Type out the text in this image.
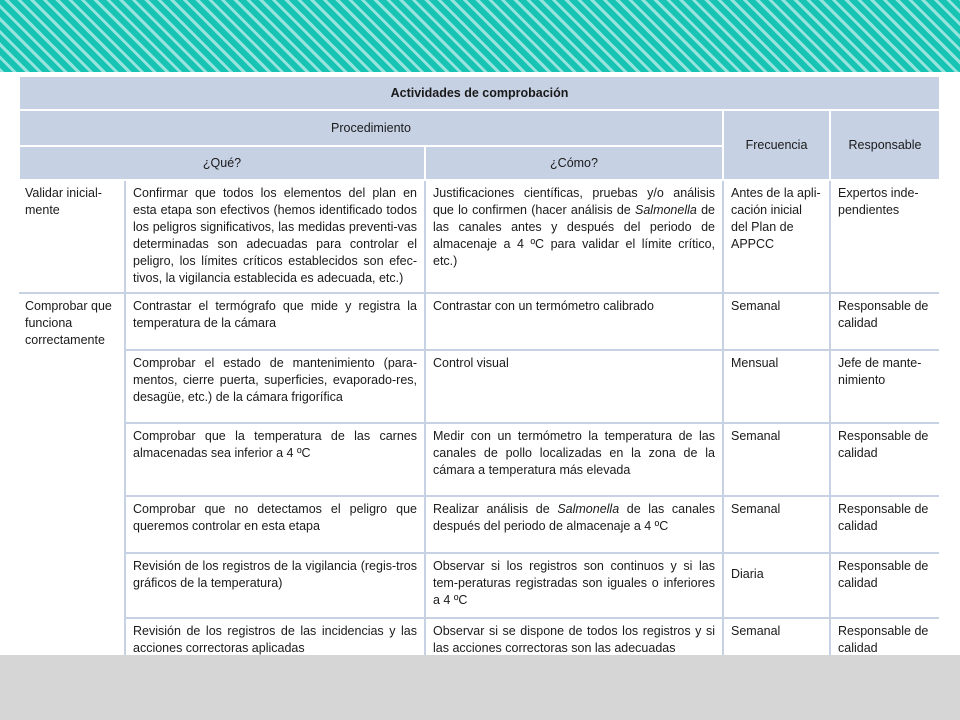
Actividades de comprobación				
Procedimiento			Frecuencia	Responsable
¿Qué?		¿Cómo?		
Validar inicial-mente	Confirmar que todos los elementos del plan en esta etapa son efectivos (hemos identificado todos los peligros significativos, las medidas preventi-vas determinadas son adecuadas para controlar el peligro, los límites críticos establecidos son efec-tivos, la vigilancia establecida es adecuada, etc.)	Justificaciones científicas, pruebas y/o análisis que lo confirmen (hacer análisis de Salmonella de las canales antes y después del periodo de almacenaje a 4 ºC para validar el límite crítico, etc.)	Antes de la apli-cación inicial del Plan de APPCC	Expertos inde-pendientes
Comprobar que funciona correctamente	Contrastar el termógrafo que mide y registra la temperatura de la cámara	Contrastar con un termómetro calibrado	Semanal	Responsable de calidad
	Comprobar el estado de mantenimiento (para-mentos, cierre puerta, superficies, evaporado-res, desagüe, etc.) de la cámara frigorífica	Control visual	Mensual	Jefe de mante-nimiento
	Comprobar que la temperatura de las carnes almacenadas sea inferior a 4 ºC	Medir con un termómetro la temperatura de las canales de pollo localizadas en la zona de la cámara a temperatura más elevada	Semanal	Responsable de calidad
	Comprobar que no detectamos el peligro que queremos controlar en esta etapa	Realizar análisis de Salmonella de las canales después del periodo de almacenaje a 4 ºC	Semanal	Responsable de calidad
	Revisión de los registros de la vigilancia (regis-tros gráficos de la temperatura)	Observar si los registros son continuos y si las tem-peraturas registradas son iguales o inferiores a 4 ºC	Diaria	Responsable de calidad
	Revisión de los registros de las incidencias y las acciones correctoras aplicadas	Observar si se dispone de todos los registros y si las acciones correctoras son las adecuadas	Semanal	Responsable de calidad
